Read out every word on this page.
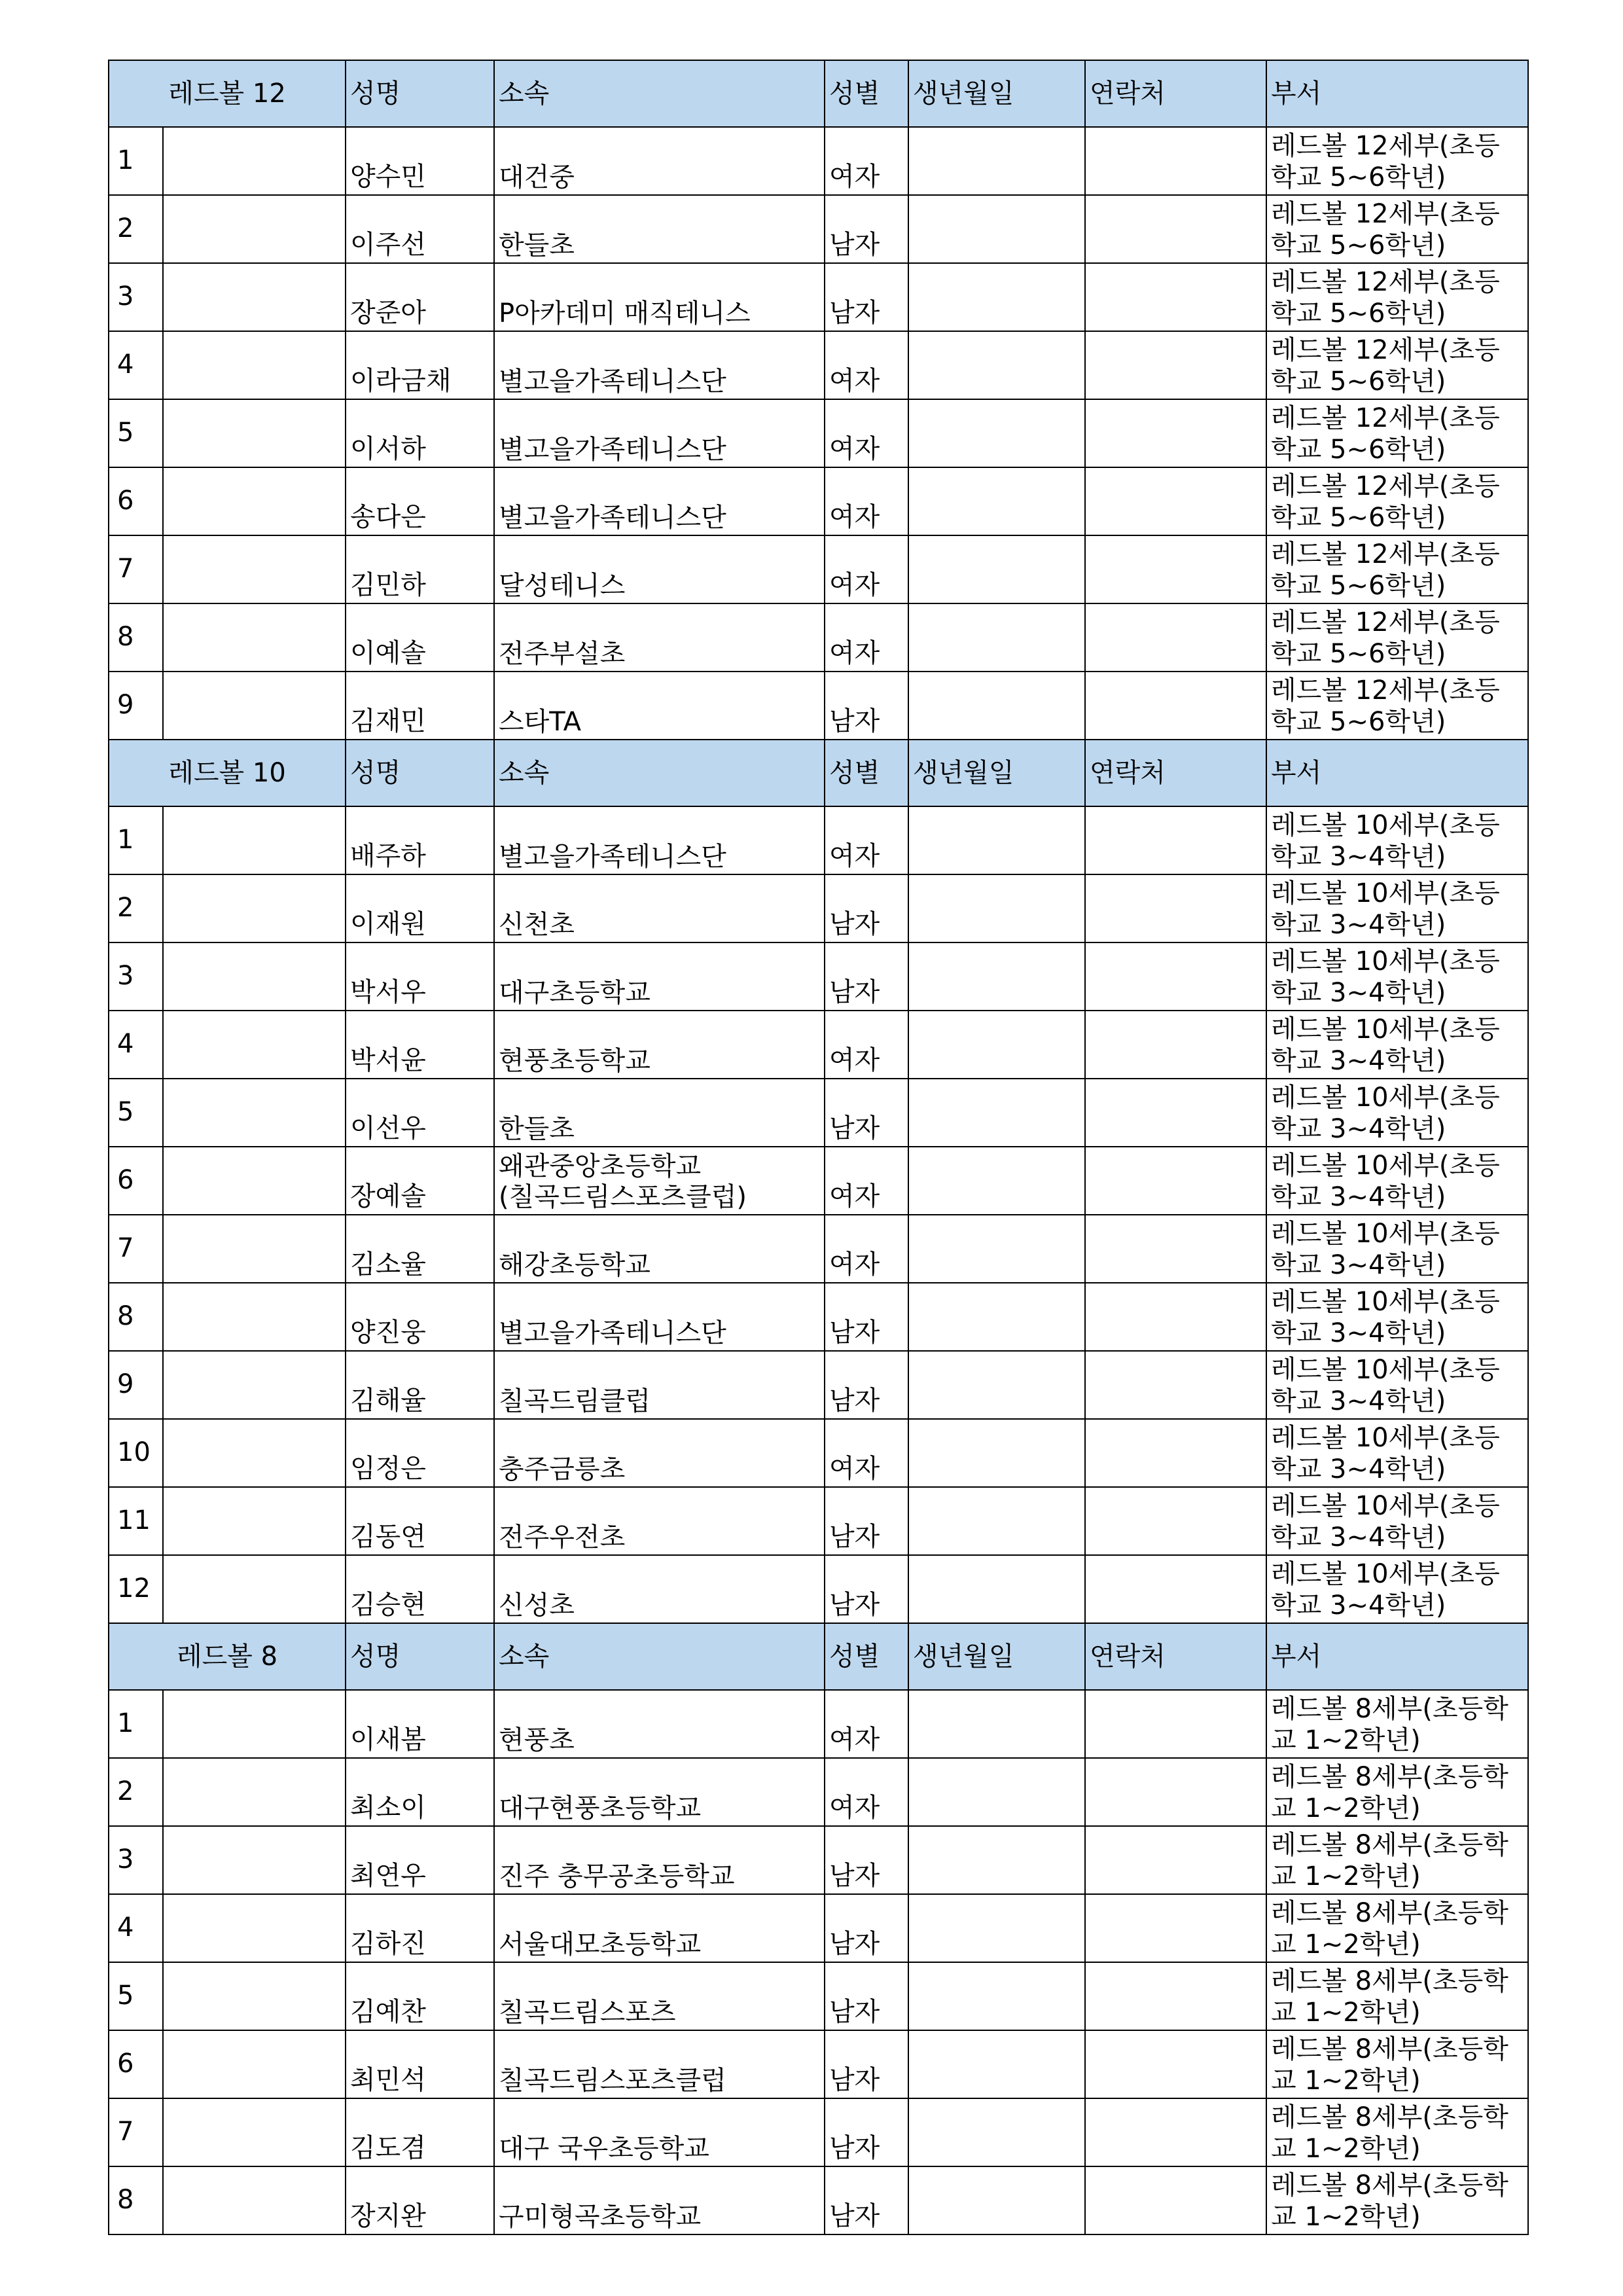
레드볼 12		성명	소속	성별	생년월일	연락처	부서
1		양수민	대건중	여자			레드볼 12세부(초등
학교 5~6학년)

2		이주선	한들초	남자			레드볼 12세부(초등
학교 5~6학년)

3		장준아	P아카데미 매직테니스	남자			레드볼 12세부(초등
학교 5~6학년)

4		이라금채	별고을가족테니스단	여자			레드볼 12세부(초등
학교 5~6학년)

5		이서하	별고을가족테니스단	여자			레드볼 12세부(초등
학교 5~6학년)

6		송다은	별고을가족테니스단	여자			레드볼 12세부(초등
학교 5~6학년)

7		김민하	달성테니스	여자			레드볼 12세부(초등
학교 5~6학년)

8		이예솔	전주부설초	여자			레드볼 12세부(초등
학교 5~6학년)

9		김재민	스타TA	남자			레드볼 12세부(초등
학교 5~6학년)

레드볼 10		성명	소속	성별	생년월일	연락처	부서
1		배주하	별고을가족테니스단	여자			레드볼 10세부(초등
학교 3~4학년)

2		이재원	신천초	남자			레드볼 10세부(초등
학교 3~4학년)

3		박서우	대구초등학교	남자			레드볼 10세부(초등
학교 3~4학년)

4		박서윤	현풍초등학교	여자			레드볼 10세부(초등
학교 3~4학년)

5		이선우	한들초	남자			레드볼 10세부(초등
학교 3~4학년)

6		장예솔	왜관중앙초등학교(칠곡드림스포츠클럽)	여자			레드볼 10세부(초등
학교 3~4학년)

7		김소율	해강초등학교	여자			레드볼 10세부(초등
학교 3~4학년)

8		양진웅	별고을가족테니스단	남자			레드볼 10세부(초등
학교 3~4학년)

9		김해율	칠곡드림클럽	남자			레드볼 10세부(초등
학교 3~4학년)

10		임정은	충주금릉초	여자			레드볼 10세부(초등
학교 3~4학년)

11		김동연	전주우전초	남자			레드볼 10세부(초등
학교 3~4학년)

12		김승현	신성초	남자			레드볼 10세부(초등
학교 3~4학년)

레드볼 8		성명	소속	성별	생년월일	연락처	부서
1		이새봄	현풍초	여자			레드볼 8세부(초등학
교 1~2학년)

2		최소이	대구현풍초등학교	여자			레드볼 8세부(초등학
교 1~2학년)

3		최연우	진주 충무공초등학교	남자			레드볼 8세부(초등학
교 1~2학년)

4		김하진	서울대모초등학교	남자			레드볼 8세부(초등학
교 1~2학년)

5		김예찬	칠곡드림스포츠	남자			레드볼 8세부(초등학
교 1~2학년)

6		최민석	칠곡드림스포츠클럽	남자			레드볼 8세부(초등학
교 1~2학년)

7		김도겸	대구 국우초등학교	남자			레드볼 8세부(초등학
교 1~2학년)

8		장지완	구미형곡초등학교	남자			레드볼 8세부(초등학
교 1~2학년)
